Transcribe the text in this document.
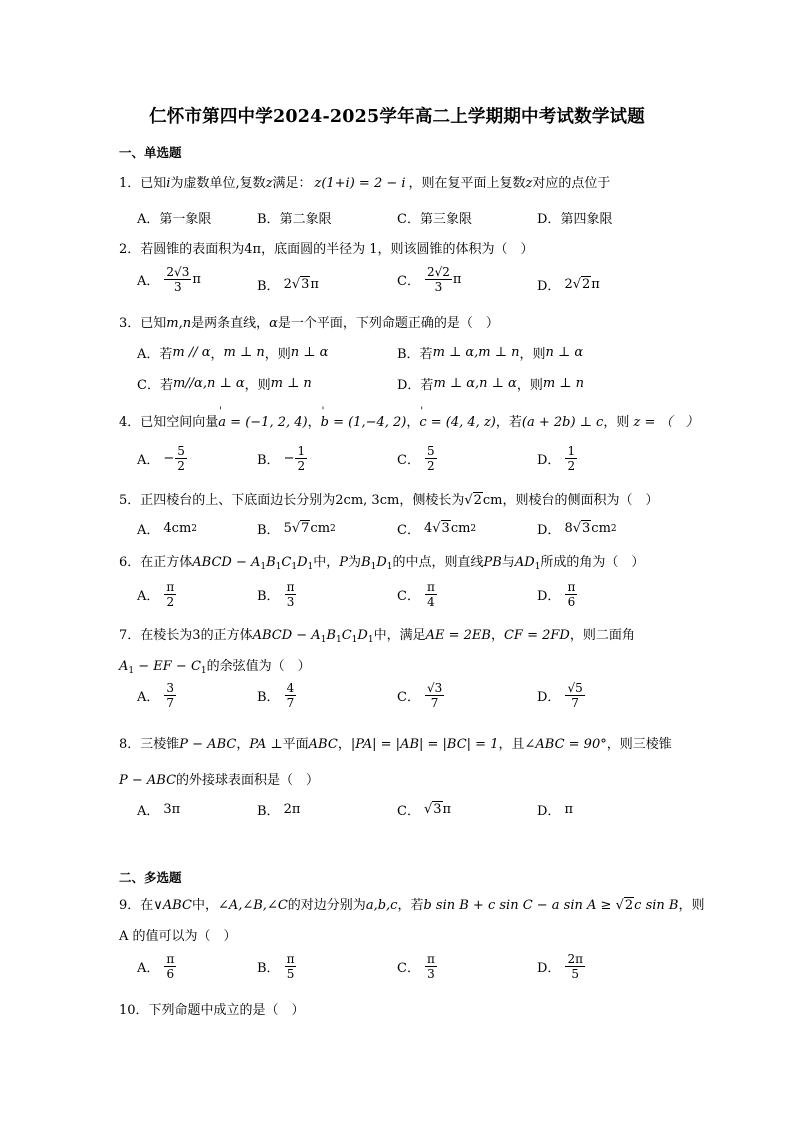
仁怀市第四中学2024-2025学年高二上学期期中考试数学试题
一、单选题
1．已知i为虚数单位,复数z满足： z(1+i) = 2 − i ，则在复平面上复数z对应的点位于
A． 第一象限	B． 第二象限	C． 第三象限	D． 第四象限
2．若圆锥的表面积为4π，底面圆的半径为 1，则该圆锥的体积为（　）
A． $\frac{2√3}{3}$ π	B． 2 √ 3 π	C． $\frac{2√2}{3}$ π	D． 2 √ 2 π
3．已知m,n是两条直线，α是一个平面，下列命题正确的是（　）
A．若 m // α ， m ⊥ n ，则 n ⊥ α	B．若 m ⊥ α,m ⊥ n ，则 n ⊥ α
C．若 m//α,n ⊥ α ，则 m ⊥ n	D．若 m ⊥ α,n ⊥ α ，则 m ⊥ n
4．已知空间向量' a = (−1, 2, 4)，' b = (1,−4, 2)，' c = (4, 4, z)，若(a + 2b) ⊥ c，则 z = （　）
A． − $\frac{5}{2}$	B． − $\frac{1}{2}$	C． $\frac{5}{2}$	D． $\frac{1}{2}$
5．正四棱台的上、下底面边长分别为2cm, 3cm，侧棱长为√2cm，则棱台的侧面积为（　）
A． 4cm 2	B． 5 √ 7 cm 2	C． 4 √ 3 cm 2	D． 8 √ 3 cm 2
6．在正方体ABCD − $A_1B_1C_1D_1$中，P为$B_1D_1$的中点，则直线PB与$AD_1$所成的角为（　）
A． $\frac{\pi}{2}$	B． $\frac{\pi}{3}$	C． $\frac{\pi}{4}$	D． $\frac{\pi}{6}$
7．在棱长为3的正方体ABCD − $A_1B_1C_1D_1$中，满足AE = 2EB，CF = 2FD，则二面角
$A_1$ − EF − $C_1$的余弦值为（　）
A． $\frac{3}{7}$	B． $\frac{4}{7}$	C． $\frac{√3}{7}$	D． $\frac{√5}{7}$
8．三棱锥P − ABC，PA ⊥平面ABC，|PA| = |AB| = |BC| = 1，且∠ABC = 90°，则三棱锥
P − ABC的外接球表面积是（　）
A． 3π	B． 2π	C． √ 3 π	D． π
二、多选题
9．在∨ABC中，∠A,∠B,∠C的对边分别为a,b,c，若b sin B + c sin C − a sin A ≥ √2c sin B，则
A 的值可以为（　）
A． $\frac{\pi}{6}$	B． $\frac{\pi}{5}$	C． $\frac{\pi}{3}$	D． $\frac{2\pi}{5}$
10．下列命题中成立的是（　）
